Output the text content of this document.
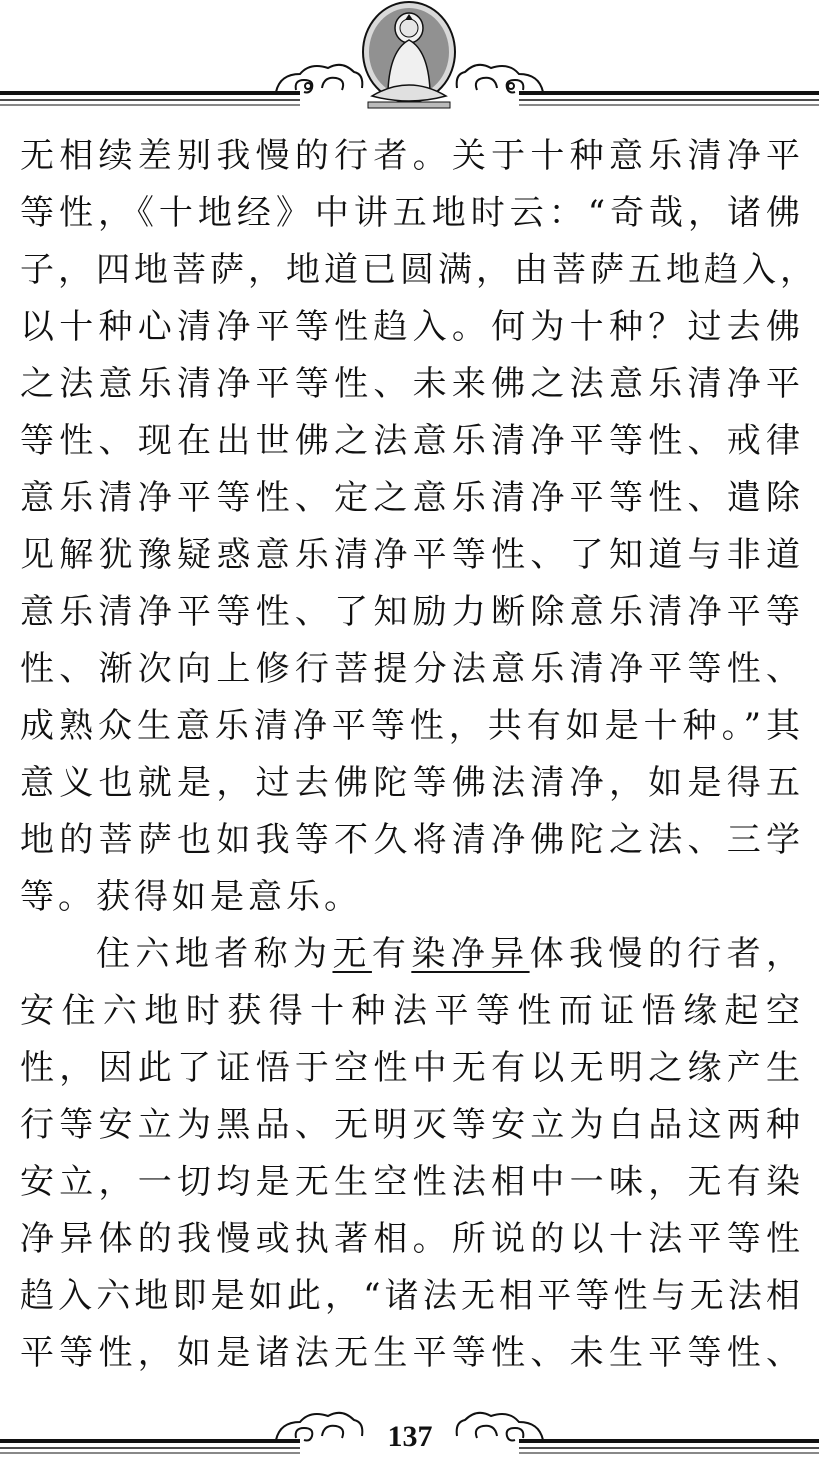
无相续差别我慢的行者。关于十种意乐清净平
等性，《十地经》中讲五地时云：“奇哉，诸佛
子，四地菩萨，地道已圆满，由菩萨五地趋入，
以十种心清净平等性趋入。何为十种？过去佛
之法意乐清净平等性、未来佛之法意乐清净平
等性、现在出世佛之法意乐清净平等性、戒律
意乐清净平等性、定之意乐清净平等性、遣除
见解犹豫疑惑意乐清净平等性、了知道与非道
意乐清净平等性、了知励力断除意乐清净平等
性、渐次向上修行菩提分法意乐清净平等性、
成熟众生意乐清净平等性，共有如是十种。”其
意义也就是，过去佛陀等佛法清净，如是得五
地的菩萨也如我等不久将清净佛陀之法、三学
等。获得如是意乐。
住六地者称为无有染净异体我慢的行者，
安住六地时获得十种法平等性而证悟缘起空
性，因此了证悟于空性中无有以无明之缘产生
行等安立为黑品、无明灭等安立为白品这两种
安立，一切均是无生空性法相中一味，无有染
净异体的我慢或执著相。所说的以十法平等性
趋入六地即是如此，“诸法无相平等性与无法相
平等性，如是诸法无生平等性、未生平等性、
137
